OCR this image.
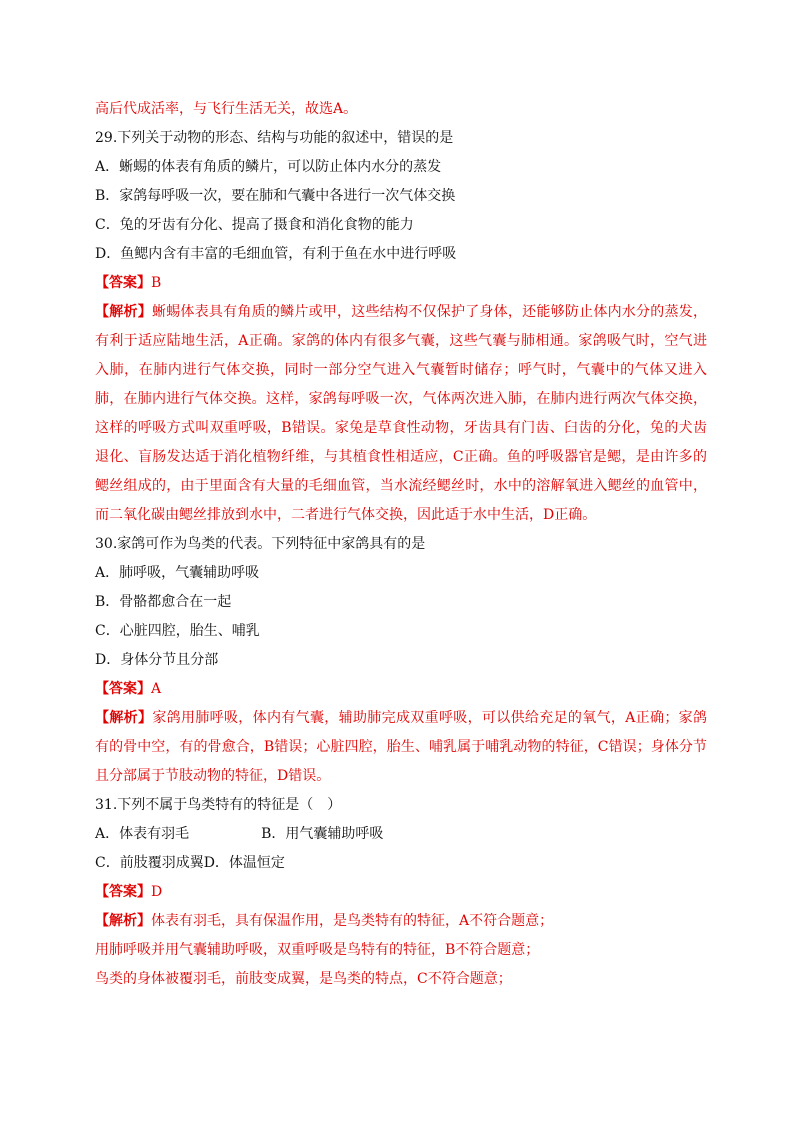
高后代成活率，与飞行生活无关，故选A。
29.下列关于动物的形态、结构与功能的叙述中，错误的是
A．蜥蜴的体表有角质的鳞片，可以防止体内水分的蒸发
B．家鸽每呼吸一次，要在肺和气囊中各进行一次气体交换
C．兔的牙齿有分化、提高了摄食和消化食物的能力
D．鱼鳃内含有丰富的毛细血管，有利于鱼在水中进行呼吸
【答案】B
【解析】蜥蜴体表具有角质的鳞片或甲，这些结构不仅保护了身体，还能够防止体内水分的蒸发，有利于适应陆地生活，A正确。家鸽的体内有很多气囊，这些气囊与肺相通。家鸽吸气时，空气进入肺，在肺内进行气体交换，同时一部分空气进入气囊暂时储存；呼气时，气囊中的气体又进入肺，在肺内进行气体交换。这样，家鸽每呼吸一次，气体两次进入肺，在肺内进行两次气体交换，这样的呼吸方式叫双重呼吸，B错误。家兔是草食性动物，牙齿具有门齿、臼齿的分化，兔的犬齿退化、盲肠发达适于消化植物纤维，与其植食性相适应，C正确。鱼的呼吸器官是鳃，是由许多的鳃丝组成的，由于里面含有大量的毛细血管，当水流经鳃丝时，水中的溶解氧进入鳃丝的血管中，而二氧化碳由鳃丝排放到水中，二者进行气体交换，因此适于水中生活，D正确。
30.家鸽可作为鸟类的代表。下列特征中家鸽具有的是
A．肺呼吸，气囊辅助呼吸
B．骨骼都愈合在一起
C．心脏四腔，胎生、哺乳
D．身体分节且分部
【答案】A
【解析】家鸽用肺呼吸，体内有气囊，辅助肺完成双重呼吸，可以供给充足的氧气，A正确；家鸽有的骨中空，有的骨愈合，B错误；心脏四腔，胎生、哺乳属于哺乳动物的特征，C错误；身体分节且分部属于节肢动物的特征，D错误。
31.下列不属于鸟类特有的特征是（　）
A．体表有羽毛	B．用气囊辅助呼吸
C．前肢覆羽成翼D．体温恒定
【答案】D
【解析】体表有羽毛，具有保温作用，是鸟类特有的特征，A不符合题意；
用肺呼吸并用气囊辅助呼吸，双重呼吸是鸟特有的特征，B不符合题意；
鸟类的身体被覆羽毛，前肢变成翼，是鸟类的特点，C不符合题意；
